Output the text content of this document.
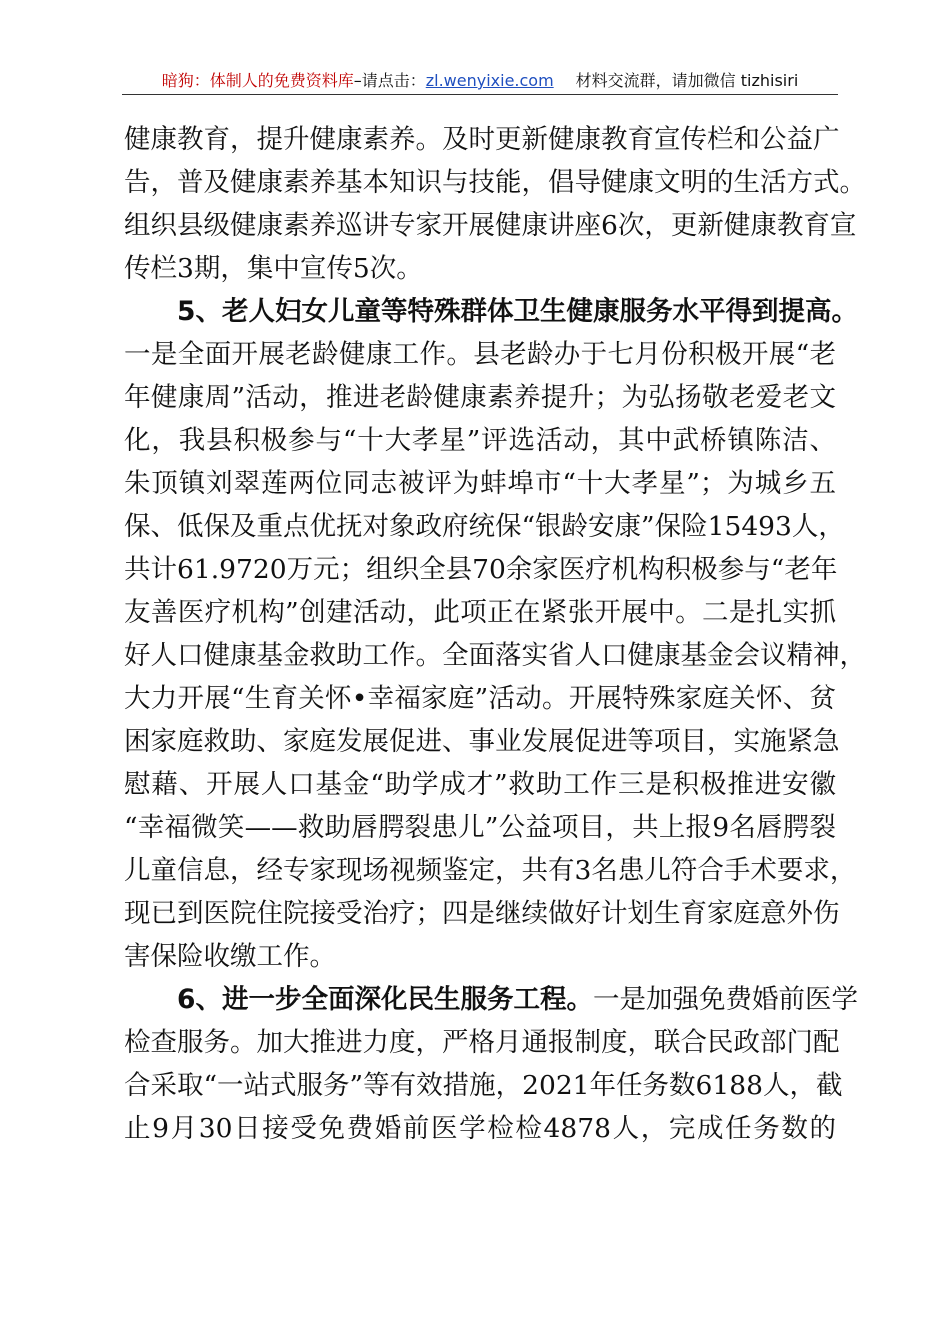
暗狗：体制人的免费资料库–请点击：zl.wenyixie.com 材料交流群，请加微信 tizhisiri
健康教育，提升健康素养。及时更新健康教育宣传栏和公益广
告，普及健康素养基本知识与技能，倡导健康文明的生活方式。
组织县级健康素养巡讲专家开展健康讲座6次，更新健康教育宣
传栏3期，集中宣传5次。
5、老人妇女儿童等特殊群体卫生健康服务水平得到提高。
一是全面开展老龄健康工作。县老龄办于七月份积极开展“老
年健康周”活动，推进老龄健康素养提升；为弘扬敬老爱老文
化，我县积极参与“十大孝星”评选活动，其中武桥镇陈洁、
朱顶镇刘翠莲两位同志被评为蚌埠市“十大孝星”；为城乡五
保、低保及重点优抚对象政府统保“银龄安康”保险15493人，
共计61.9720万元；组织全县70余家医疗机构积极参与“老年
友善医疗机构”创建活动，此项正在紧张开展中。二是扎实抓
好人口健康基金救助工作。全面落实省人口健康基金会议精神，
大力开展“生育关怀•幸福家庭”活动。开展特殊家庭关怀、贫
困家庭救助、家庭发展促进、事业发展促进等项目，实施紧急
慰藉、开展人口基金“助学成才”救助工作三是积极推进安徽
“幸福微笑——救助唇腭裂患儿”公益项目，共上报9名唇腭裂
儿童信息，经专家现场视频鉴定，共有3名患儿符合手术要求，
现已到医院住院接受治疗；四是继续做好计划生育家庭意外伤
害保险收缴工作。
6、进一步全面深化民生服务工程。一是加强免费婚前医学
检查服务。加大推进力度，严格月通报制度，联合民政部门配
合采取“一站式服务”等有效措施，2021年任务数6188人，截
止9月30日接受免费婚前医学检检4878人，完成任务数的
